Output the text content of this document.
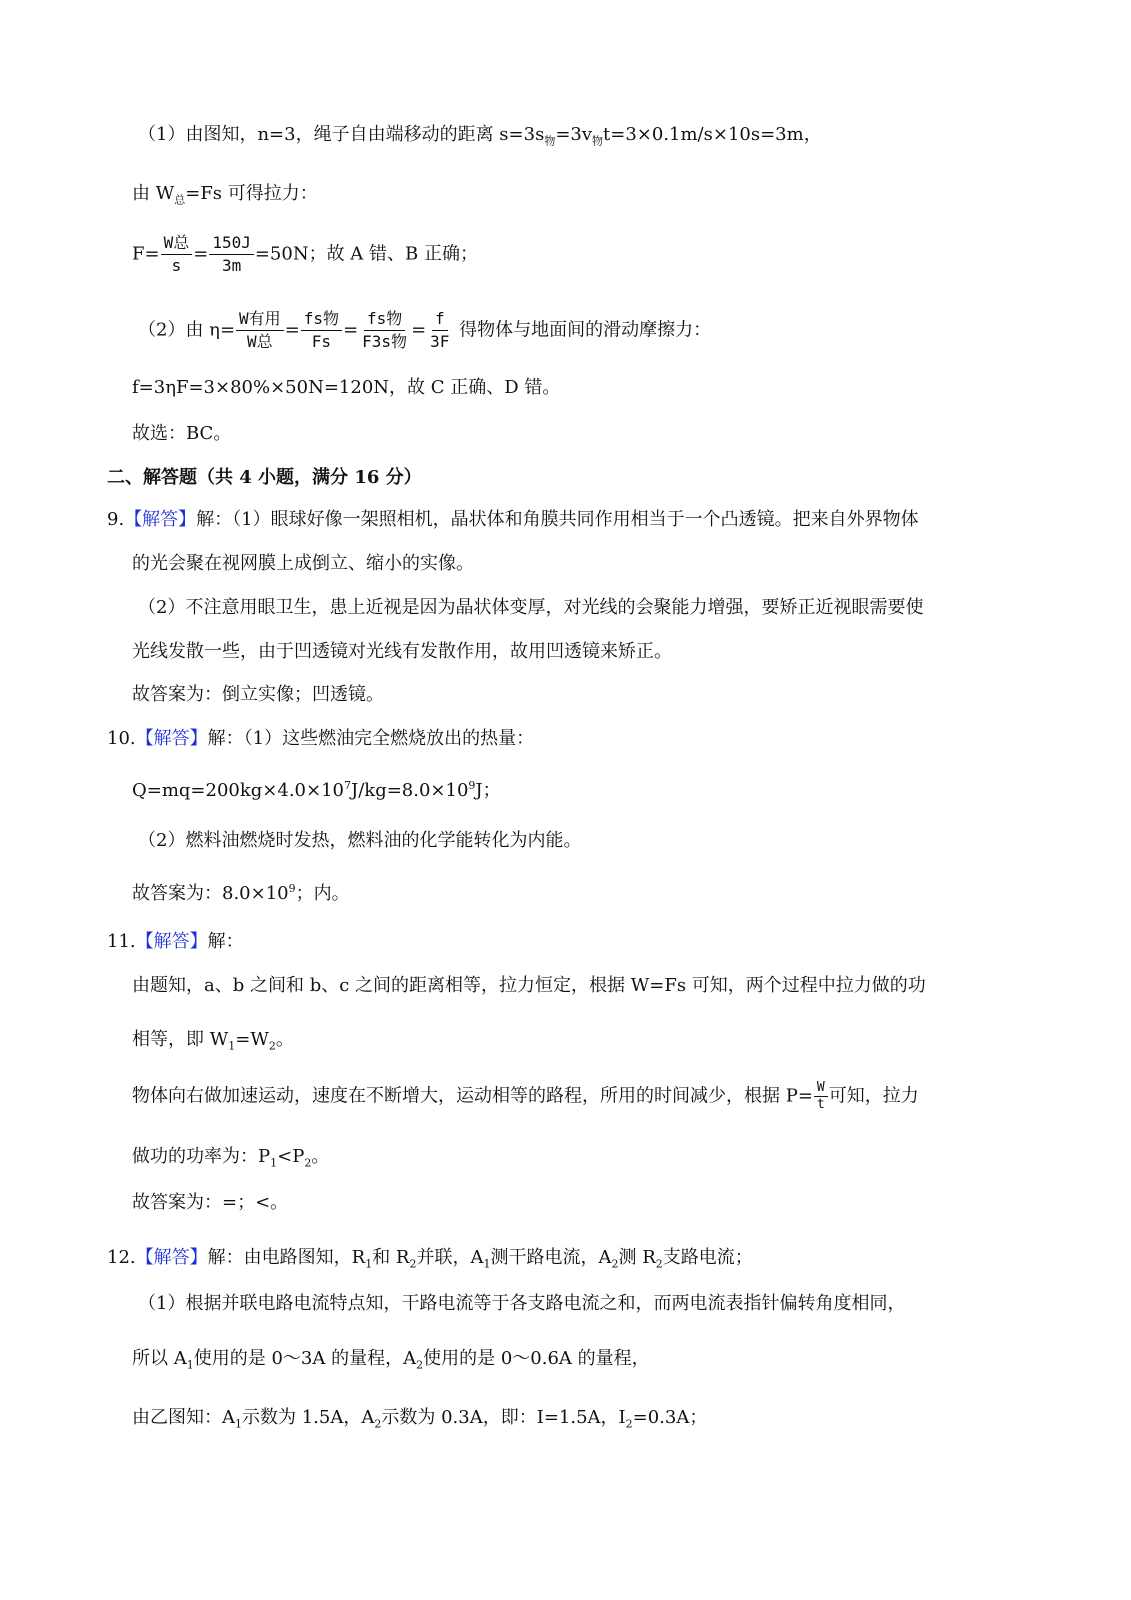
（1）由图知，n=3，绳子自由端移动的距离 $s=3s_物=3v_物t=3\times 0.1m/s\times 10s=3m$，
由 $W_总=Fs$ 可得拉力：
$F= \frac{\text{W总}}{s} = \frac{150J}{3m} =50N$；故 A 错、B 正确；
（2）由 $\eta= \frac{\text{W有用}}{\text{W总}} = \frac{\text{fs物}}{Fs} = \frac{\text{fs物}}{\text{F3s物}} = \frac{f}{3F}$ 得物体与地面间的滑动摩擦力：
f=3ηF=3×80%×50N=120N，故 C 正确、D 错。
故选：BC。
二、解答题（共 4 小题，满分 16 分）
9.【解答】解：（1）眼球好像一架照相机，晶状体和角膜共同作用相当于一个凸透镜。把来自外界物体
的光会聚在视网膜上成倒立、缩小的实像。
（2）不注意用眼卫生，患上近视是因为晶状体变厚，对光线的会聚能力增强，要矫正近视眼需要使
光线发散一些，由于凹透镜对光线有发散作用，故用凹透镜来矫正。
故答案为：倒立实像；凹透镜。
10.【解答】解：（1）这些燃油完全燃烧放出的热量：
$Q=mq=200kg\times 4.0\times 10^7J/kg=8.0\times 10^9J$；
（2）燃料油燃烧时发热，燃料油的化学能转化为内能。
故答案为：$8.0\times 10^9$；内。
11.【解答】解：
由题知，a、b 之间和 b、c 之间的距离相等，拉力恒定，根据 W=Fs 可知，两个过程中拉力做的功
相等，即 $W_1=W_2$。
物体向右做加速运动，速度在不断增大，运动相等的路程，所用的时间减少，根据 $P= \frac{W}{t}$ 可知，拉力
做功的功率为：$P_1<P_2$。
故答案为：=；<。
12.【解答】解：由电路图知，$R_1$和 $R_2$并联，$A_1$测干路电流，$A_2$测 $R_2$支路电流；
（1）根据并联电路电流特点知，干路电流等于各支路电流之和，而两电流表指针偏转角度相同，
所以 $A_1$使用的是 0～3A 的量程，$A_2$使用的是 0～0.6A 的量程，
由乙图知：$A_1$示数为 1.5A，$A_2$示数为 0.3A，即：I=1.5A，$I_2=0.3A$；
